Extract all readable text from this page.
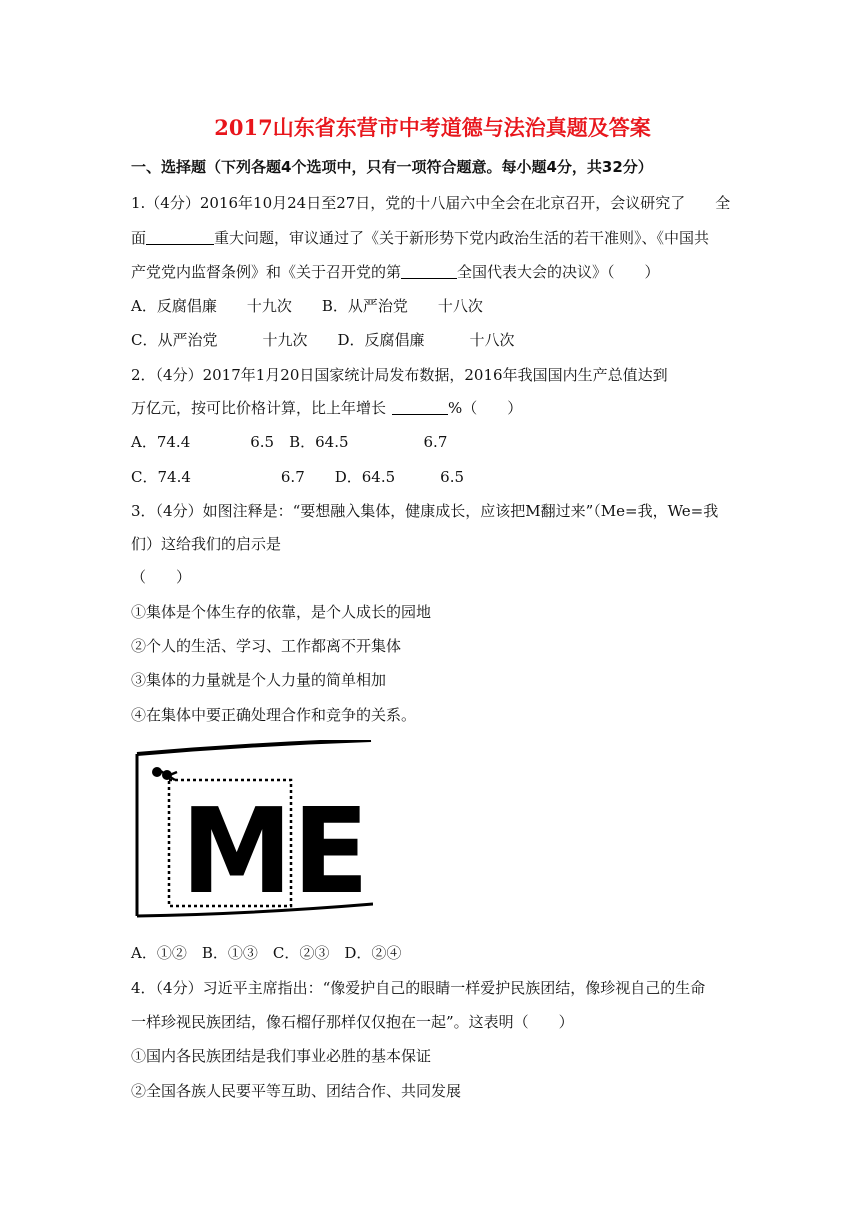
2017山东省东营市中考道德与法治真题及答案
一、选择题（下列各题4个选项中，只有一项符合题意。每小题4分，共32分）
1.（4分）2016年10月24日至27日，党的十八届六中全会在北京召开，会议研究了 全
面	重大问题，审议通过了《关于新形势下党内政治生活的若干准则》、《中国共
产党党内监督条例》和《关于召开党的第	全国代表大会的决议》（　　）
A．反腐倡廉　　十九次　　B．从严治党　　十八次
C．从严治党　　　十九次　　D．反腐倡廉　　　十八次
2．（4分）2017年1月20日国家统计局发布数据，2016年我国国内生产总值达到
万亿元，按可比价格计算，比上年增长	%（　　）
A．74.4　　　　6.5　B．64.5　　　　　6.7
C．74.4　　　　　　6.7　　D．64.5　　　6.5
3．（4分）如图注释是：“要想融入集体，健康成长，应该把M翻过来”（Me=我，We=我
们）这给我们的启示是
（　　）
①集体是个体生存的依靠，是个人成长的园地
②个人的生活、学习、工作都离不开集体
③集体的力量就是个人力量的简单相加
④在集体中要正确处理合作和竞争的关系。
ME
A．①②　B．①③　C．②③　D．②④
4．（4分）习近平主席指出：“像爱护自己的眼睛一样爱护民族团结，像珍视自己的生命
一样珍视民族团结，像石榴仔那样仅仅抱在一起”。这表明（　　）
①国内各民族团结是我们事业必胜的基本保证
②全国各族人民要平等互助、团结合作、共同发展
